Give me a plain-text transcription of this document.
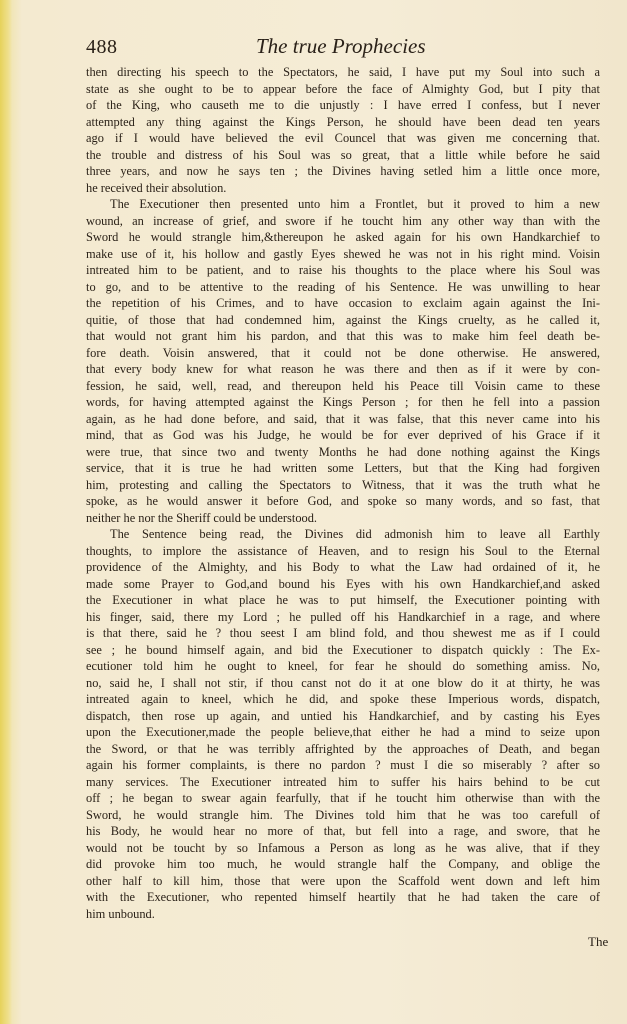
488	The true Prophecies
then directing his speech to the Spectators, he said, I have put my Soul into such a
state as she ought to be to appear before the face of Almighty God, but I pity that
of the King, who causeth me to die unjustly : I have erred I confess, but I never
attempted any thing against the Kings Person, he should have been dead ten years
ago if I would have believed the evil Councel that was given me concerning that.
the trouble and distress of his Soul was so great, that a little while before he said
three years, and now he says ten ; the Divines having setled him a little once more,
he received their absolution.
The Executioner then presented unto him a Frontlet, but it proved to him a new
wound, an increase of grief, and swore if he toucht him any other way than with the
Sword he would strangle him,&thereupon he asked again for his own Handkarchief to
make use of it, his hollow and gastly Eyes shewed he was not in his right mind. Voisin
intreated him to be patient, and to raise his thoughts to the place where his Soul was
to go, and to be attentive to the reading of his Sentence. He was unwilling to hear
the repetition of his Crimes, and to have occasion to exclaim again against the Ini-
quitie, of those that had condemned him, against the Kings cruelty, as he called it,
that would not grant him his pardon, and that this was to make him feel death be-
fore death. Voisin answered, that it could not be done otherwise. He answered,
that every body knew for what reason he was there and then as if it were by con-
fession, he said, well, read, and thereupon held his Peace till Voisin came to these
words, for having attempted against the Kings Person ; for then he fell into a passion
again, as he had done before, and said, that it was false, that this never came into his
mind, that as God was his Judge, he would be for ever deprived of his Grace if it
were true, that since two and twenty Months he had done nothing against the Kings
service, that it is true he had written some Letters, but that the King had forgiven
him, protesting and calling the Spectators to Witness, that it was the truth what he
spoke, as he would answer it before God, and spoke so many words, and so fast, that
neither he nor the Sheriff could be understood.
The Sentence being read, the Divines did admonish him to leave all Earthly
thoughts, to implore the assistance of Heaven, and to resign his Soul to the Eternal
providence of the Almighty, and his Body to what the Law had ordained of it, he
made some Prayer to God,and bound his Eyes with his own Handkarchief,and asked
the Executioner in what place he was to put himself, the Executioner pointing with
his finger, said, there my Lord ; he pulled off his Handkarchief in a rage, and where
is that there, said he ? thou seest I am blind fold, and thou shewest me as if I could
see ; he bound himself again, and bid the Executioner to dispatch quickly : The Ex-
ecutioner told him he ought to kneel, for fear he should do something amiss. No,
no, said he, I shall not stir, if thou canst not do it at one blow do it at thirty, he was
intreated again to kneel, which he did, and spoke these Imperious words, dispatch,
dispatch, then rose up again, and untied his Handkarchief, and by casting his Eyes
upon the Executioner,made the people believe,that either he had a mind to seize upon
the Sword, or that he was terribly affrighted by the approaches of Death, and began
again his former complaints, is there no pardon ? must I die so miserably ? after so
many services. The Executioner intreated him to suffer his hairs behind to be cut
off ; he began to swear again fearfully, that if he toucht him otherwise than with the
Sword, he would strangle him. The Divines told him that he was too carefull of
his Body, he would hear no more of that, but fell into a rage, and swore, that he
would not be toucht by so Infamous a Person as long as he was alive, that if they
did provoke him too much, he would strangle half the Company, and oblige the
other half to kill him, those that were upon the Scaffold went down and left him
with the Executioner, who repented himself heartily that he had taken the care of
him unbound.
The
